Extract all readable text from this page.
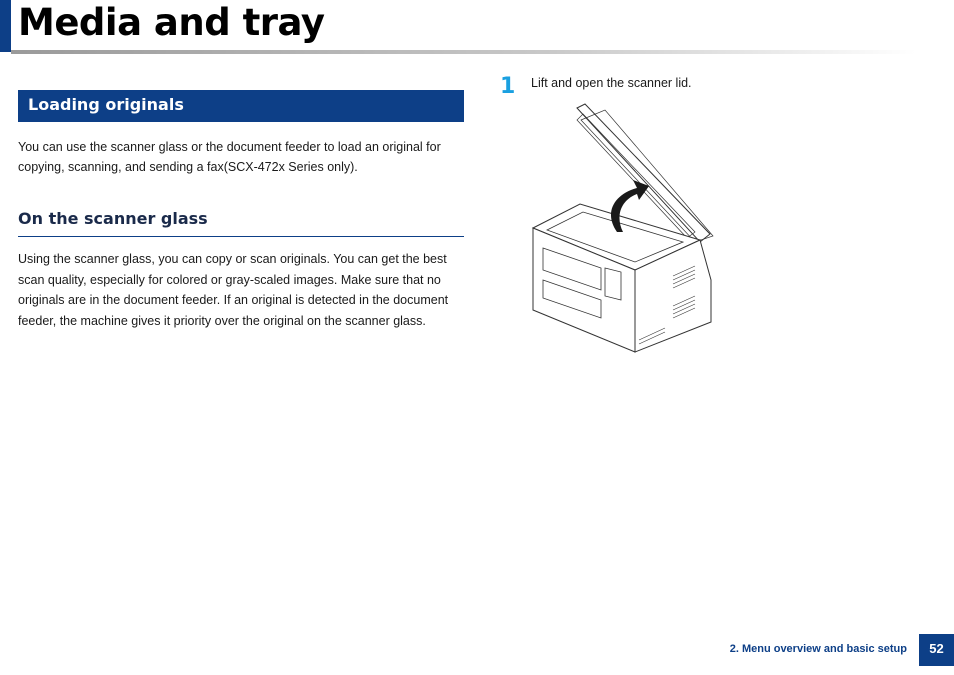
Media and tray
Loading originals

You can use the scanner glass or the document feeder to load an original for copying, scanning, and sending a fax(SCX-472x Series only).

On the scanner glass

Using the scanner glass, you can copy or scan originals. You can get the best scan quality, especially for colored or gray-scaled images. Make sure that no originals are in the document feeder. If an original is detected in the document feeder, the machine gives it priority over the original on the scanner glass.

1 Lift and open the scanner lid.
2. Menu overview and basic setup	52
